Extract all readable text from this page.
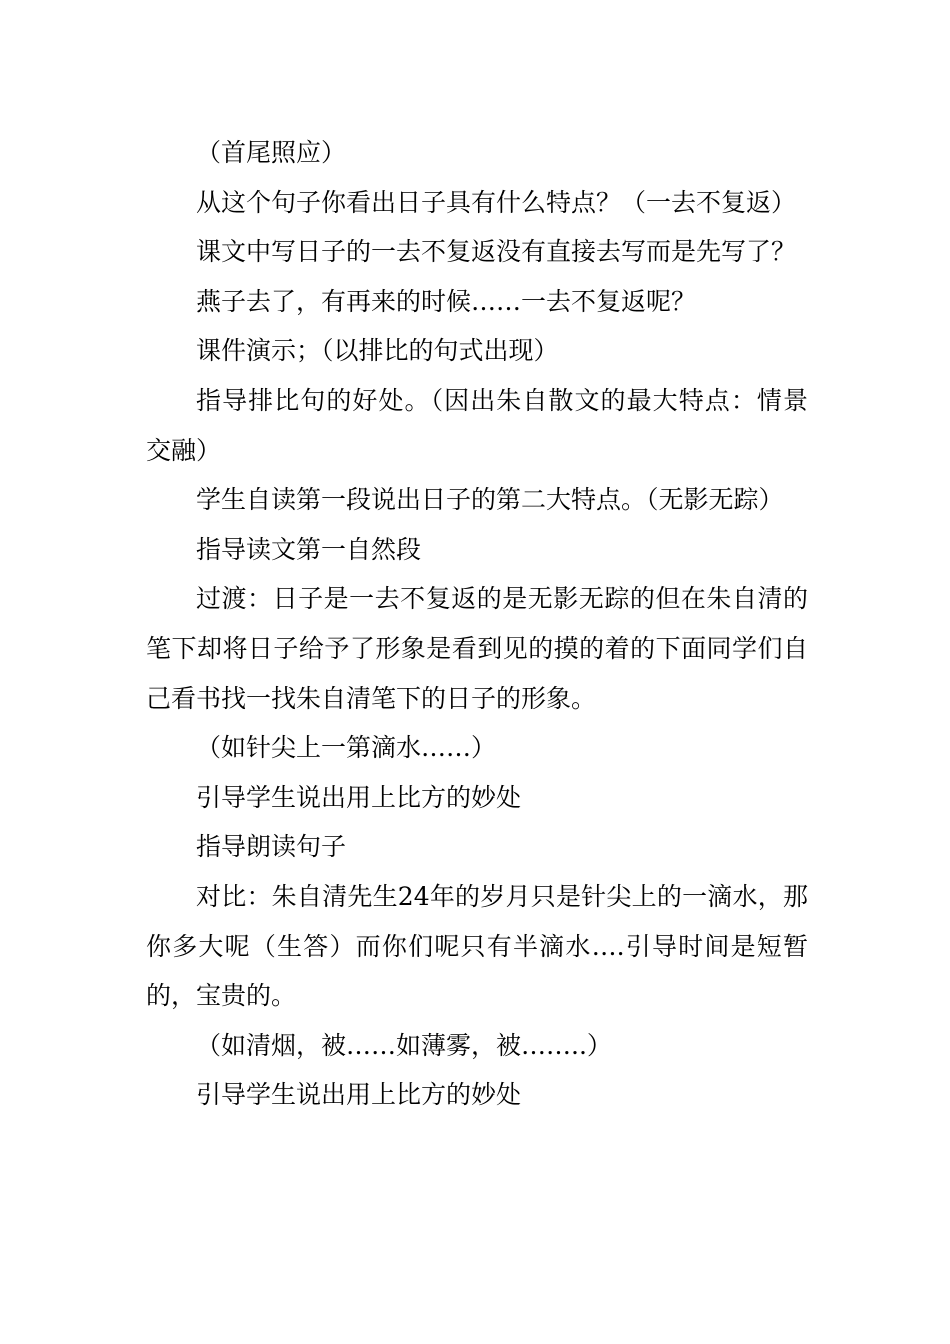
（首尾照应）

从这个句子你看出日子具有什么特点？（一去不复返）

课文中写日子的一去不复返没有直接去写而是先写了？

燕子去了，有再来的时候……一去不复返呢？

课件演示；（以排比的句式出现）

指导排比句的好处。（因出朱自散文的最大特点：情景交融）

学生自读第一段说出日子的第二大特点。（无影无踪）

指导读文第一自然段

过渡：日子是一去不复返的是无影无踪的但在朱自清的笔下却将日子给予了形象是看到见的摸的着的下面同学们自己看书找一找朱自清笔下的日子的形象。

（如针尖上一第滴水……）

引导学生说出用上比方的妙处

指导朗读句子

对比：朱自清先生24年的岁月只是针尖上的一滴水，那你多大呢（生答）而你们呢只有半滴水….引导时间是短暂的，宝贵的。

（如清烟，被……如薄雾，被……..）

引导学生说出用上比方的妙处
